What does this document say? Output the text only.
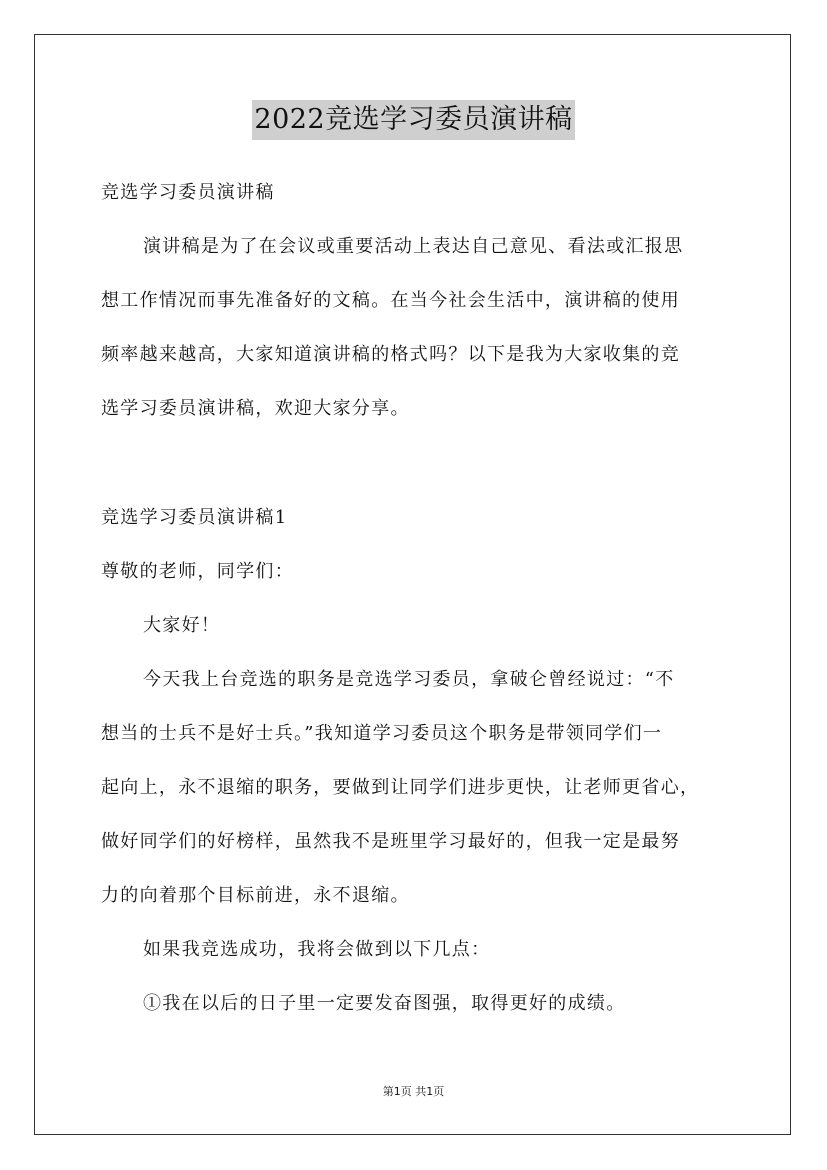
2022竞选学习委员演讲稿
竞选学习委员演讲稿
演讲稿是为了在会议或重要活动上表达自己意见、看法或汇报思
想工作情况而事先准备好的文稿。在当今社会生活中，演讲稿的使用
频率越来越高，大家知道演讲稿的格式吗？以下是我为大家收集的竞
选学习委员演讲稿，欢迎大家分享。
竞选学习委员演讲稿1
尊敬的老师，同学们：
大家好！
今天我上台竞选的职务是竞选学习委员，拿破仑曾经说过：“不
想当的士兵不是好士兵。”我知道学习委员这个职务是带领同学们一
起向上，永不退缩的职务，要做到让同学们进步更快，让老师更省心，
做好同学们的好榜样，虽然我不是班里学习最好的，但我一定是最努
力的向着那个目标前进，永不退缩。
如果我竞选成功，我将会做到以下几点：
①我在以后的日子里一定要发奋图强，取得更好的成绩。
第1页 共1页
